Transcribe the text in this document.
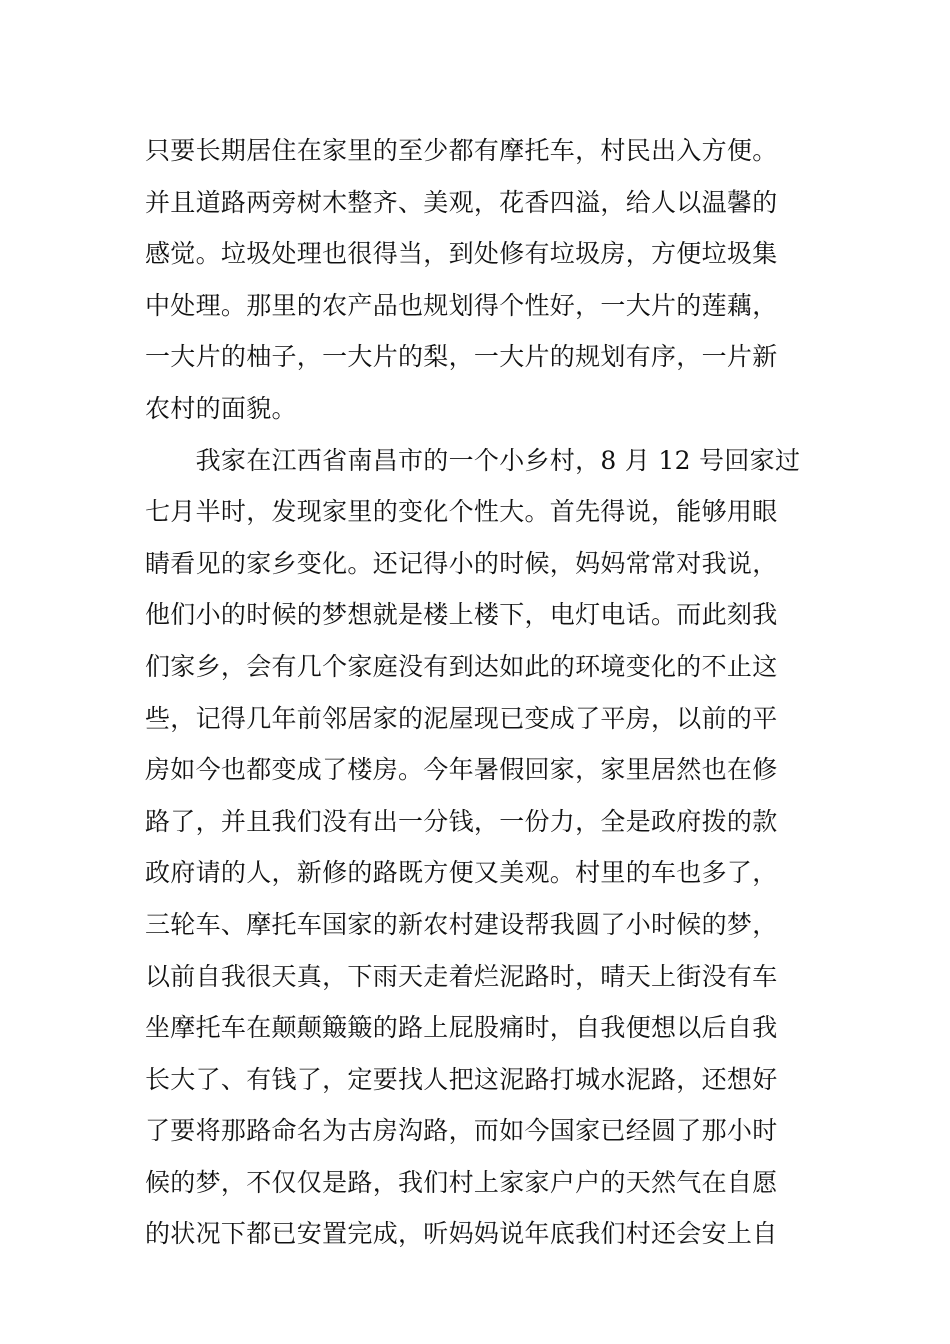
只要长期居住在家里的至少都有摩托车，村民出入方便。
并且道路两旁树木整齐、美观，花香四溢，给人以温馨的
感觉。垃圾处理也很得当，到处修有垃圾房，方便垃圾集
中处理。那里的农产品也规划得个性好，一大片的莲藕，
一大片的柚子，一大片的梨，一大片的规划有序，一片新
农村的面貌。
　　我家在江西省南昌市的一个小乡村，8 月 12 号回家过
七月半时，发现家里的变化个性大。首先得说，能够用眼
睛看见的家乡变化。还记得小的时候，妈妈常常对我说，
他们小的时候的梦想就是楼上楼下，电灯电话。而此刻我
们家乡，会有几个家庭没有到达如此的环境变化的不止这
些，记得几年前邻居家的泥屋现已变成了平房，以前的平
房如今也都变成了楼房。今年暑假回家，家里居然也在修
路了，并且我们没有出一分钱，一份力，全是政府拨的款
政府请的人，新修的路既方便又美观。村里的车也多了，
三轮车、摩托车国家的新农村建设帮我圆了小时候的梦，
以前自我很天真，下雨天走着烂泥路时，晴天上街没有车
坐摩托车在颠颠簸簸的路上屁股痛时，自我便想以后自我
长大了、有钱了，定要找人把这泥路打城水泥路，还想好
了要将那路命名为古房沟路，而如今国家已经圆了那小时
候的梦，不仅仅是路，我们村上家家户户的天然气在自愿
的状况下都已安置完成，听妈妈说年底我们村还会安上自
